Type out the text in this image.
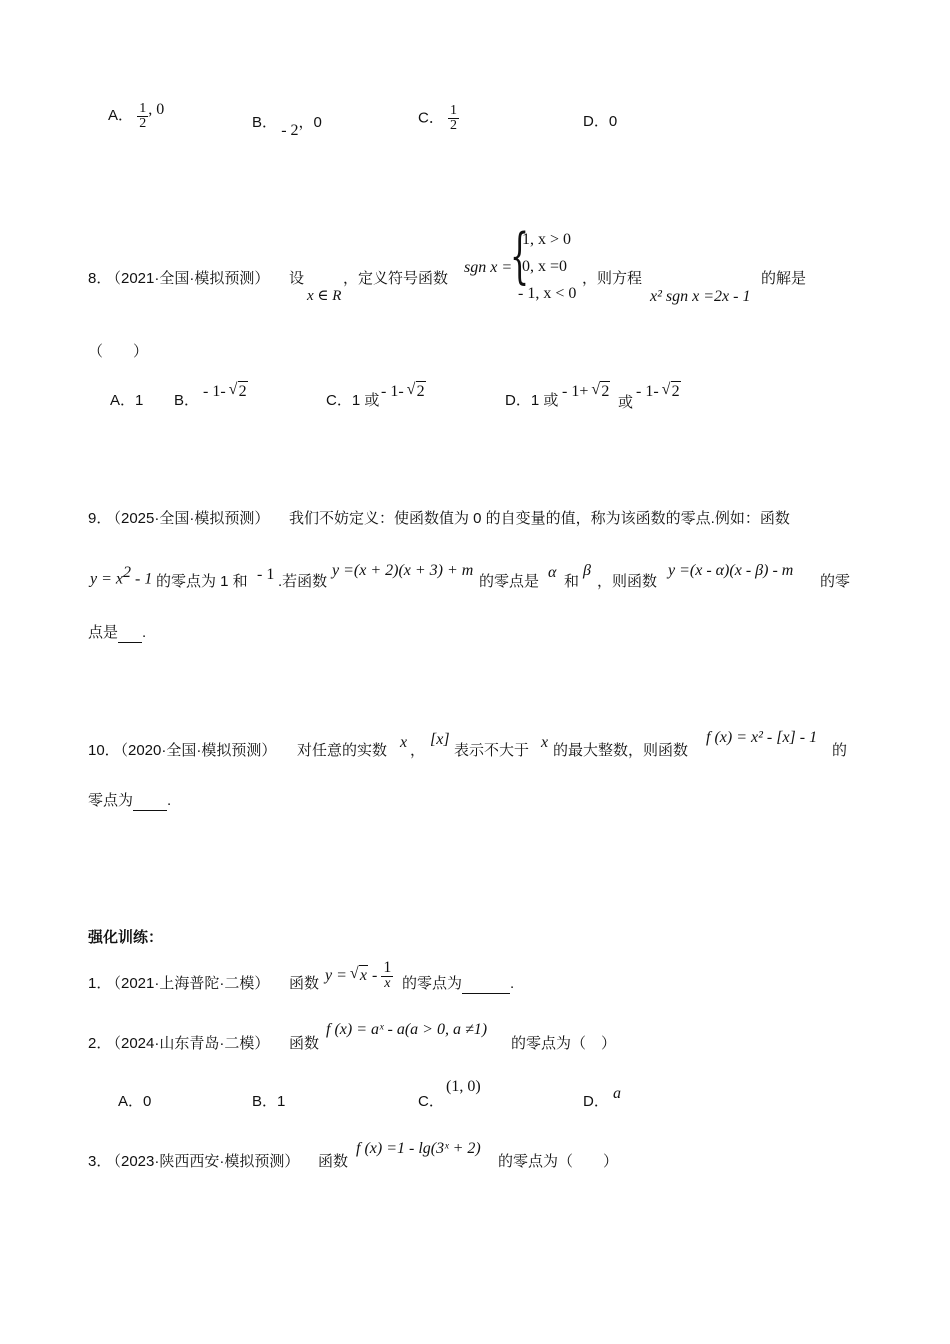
A． $\frac{1}{2}$ , 0
B． - 2，0	C． $\frac{1}{2}$	D．0
8．
（2021·全国·模拟预测） 设
x ∈ R
，定义符号函数
sgn x =
{
1, x > 0
0, x =0
- 1, x < 0
，则方程
x² sgn x =2x - 1
的解是
（　　）
A．1 B．
- 1- √ 2
C．1 或
- 1- √ 2
D．1 或
- 1+ √ 2
或
- 1- √ 2
9．
（2025·全国·模拟预测） 我们不妨定义：使函数值为 0 的自变量的值，称为该函数的零点.例如：函数
$y = x^2 - 1$ 的零点为 1 和 - 1 .若函数
y =(x + 2)(x + 3) + m
的零点是
α
和
β
，则函数
y =(x - α)(x - β) - m
的零
点是 .
10．
（2020·全国·模拟预测） 对任意的实数 x ，
[x]
表示不大于 x 的最大整数，则函数
f (x) = x² - [x] - 1
的
零点为 .
强化训练：
1．
（2021·上海普陀·二模） 函数 y = √ x - $\frac{1}{x}$ 的零点为	.
2．
（2024·山东青岛·二模） 函数
f (x) = aˣ - a(a > 0, a ≠1)
的零点为（　）
A．0	B．1	C．
(1, 0)
D． a
3．
（2023·陕西西安·模拟预测） 函数
f (x) =1 - lg(3ˣ + 2)
的零点为（　　）
